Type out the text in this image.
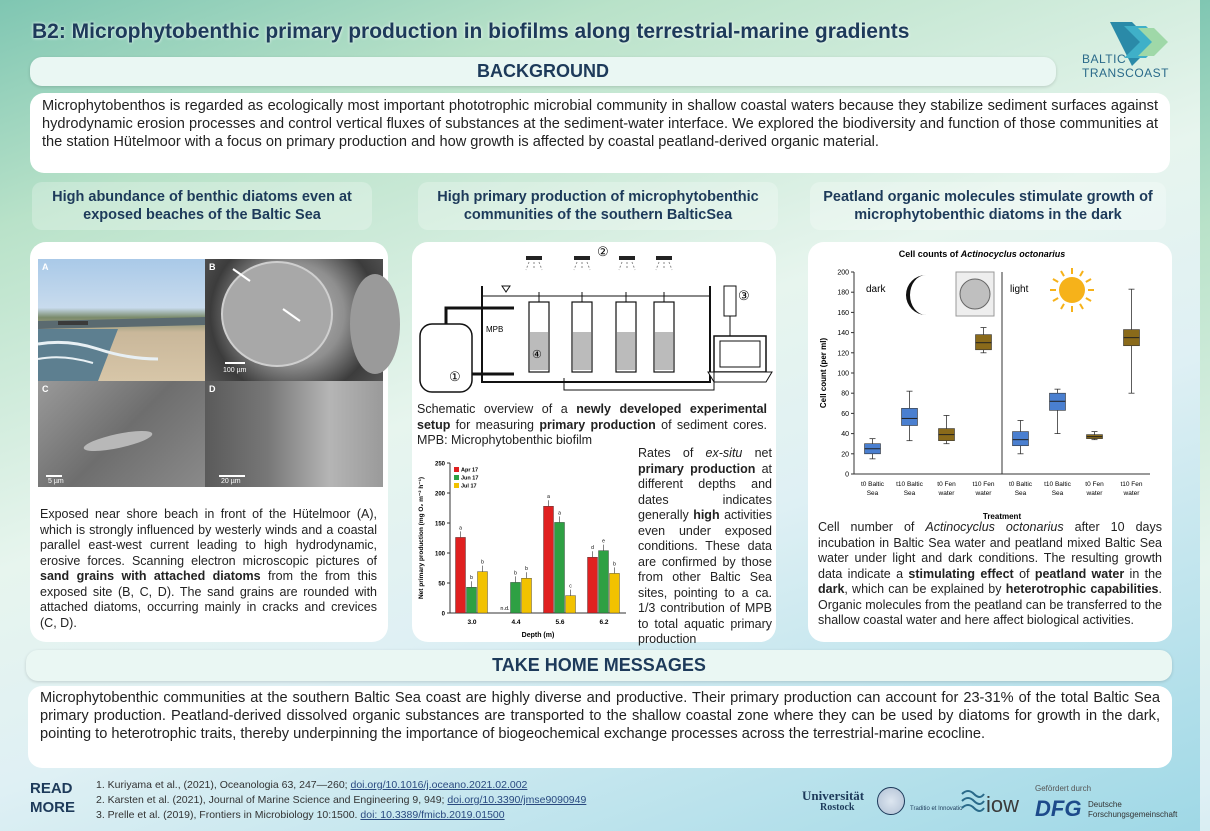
B2: Microphytobenthic primary production in biofilms along terrestrial-marine gradients
BALTIC
TRANSCOAST
BACKGROUND
Microphytobenthos is regarded as ecologically most important phototrophic microbial community in shallow coastal waters because they stabilize sediment surfaces against hydrodynamic erosion processes and control vertical fluxes of substances at the sediment-water interface. We explored the biodiversity and function of those communities at the station Hütelmoor with a focus on primary production and how growth is affected by coastal peatland-derived organic material.
High abundance of benthic diatoms even at exposed beaches of the Baltic Sea
High primary production of microphytobenthic communities of the southern BalticSea
Peatland organic molecules stimulate growth of microphytobenthic diatoms in the dark
A	B
100 µm
C
5 µm
D
20 µm
Exposed near shore beach in front of the Hütelmoor (A), which is strongly influenced by westerly winds and a coastal parallel east-west current leading to high hydrodynamic, erosive forces. Scanning electron microscopic pictures of sand grains with attached diatoms from the from this exposed site (B, C, D). The sand grains are rounded with attached diatoms, occurring mainly in cracks and crevices (C, D).
②
③
①
MPB
④
Schematic overview of a newly developed experimental setup for measuring primary production of sediment cores. MPB: Microphytobenthic biofilm
0
50
100
150
200
250
Net primary production (mg O₂ m⁻² h⁻¹)
Depth (m)
3.0
a
b
b
4.4
n.d.
b
b
5.6
a
a
c
6.2
d
e
b
Apr 17
Jun 17
Jul 17
Rates of ex-situ net primary production at different depths and dates indicates generally high activities even under exposed conditions. These data are confirmed by those from other Baltic Sea sites, pointing to a ca. 1/3 contribution of MPB to total aquatic primary production
Cell counts of Actinocyclus octonarius
0
20
40
60
80
100
120
140
160
180
200
Cell count (per ml)
Treatment
dark	light
t0 Baltic
Sea
t10 Baltic
Sea
t0 Fen
water
t10 Fen
water
t0 Baltic
Sea
t10 Baltic
Sea
t0 Fen
water
t10 Fen
water
Cell number of Actinocyclus octonarius after 10 days incubation in Baltic Sea water and peatland mixed Baltic Sea water under light and dark conditions. The resulting growth data indicate a stimulating effect of peatland water in the dark, which can be explained by heterotrophic capabilities. Organic molecules from the peatland can be transferred to the shallow coastal water and here affect biological activities.
TAKE HOME MESSAGES
Microphytobenthic communities at the southern Baltic Sea coast are highly diverse and productive. Their primary production can account for 23-31% of the total Baltic Sea primary production. Peatland-derived dissolved organic substances are transported to the shallow coastal zone where they can be used by diatoms for growth in the dark, pointing to heterotrophic traits, thereby underpinning the importance of biogeochemical exchange processes across the terrestrial-marine ecocline.
READ
MORE
1. Kuriyama et al., (2021), Oceanologia 63, 247—260; doi.org/10.1016/j.oceano.2021.02.002
2. Karsten et al. (2021), Journal of Marine Science and Engineering 9, 949; doi.org/10.3390/jmse9090949
3. Prelle et al. (2019), Frontiers in Microbiology 10:1500. doi: 10.3389/fmicb.2019.01500
Universität
Rostock	Traditio et Innovatio iow
Gefördert durch
DFG Deutsche
Forschungsgemeinschaft
